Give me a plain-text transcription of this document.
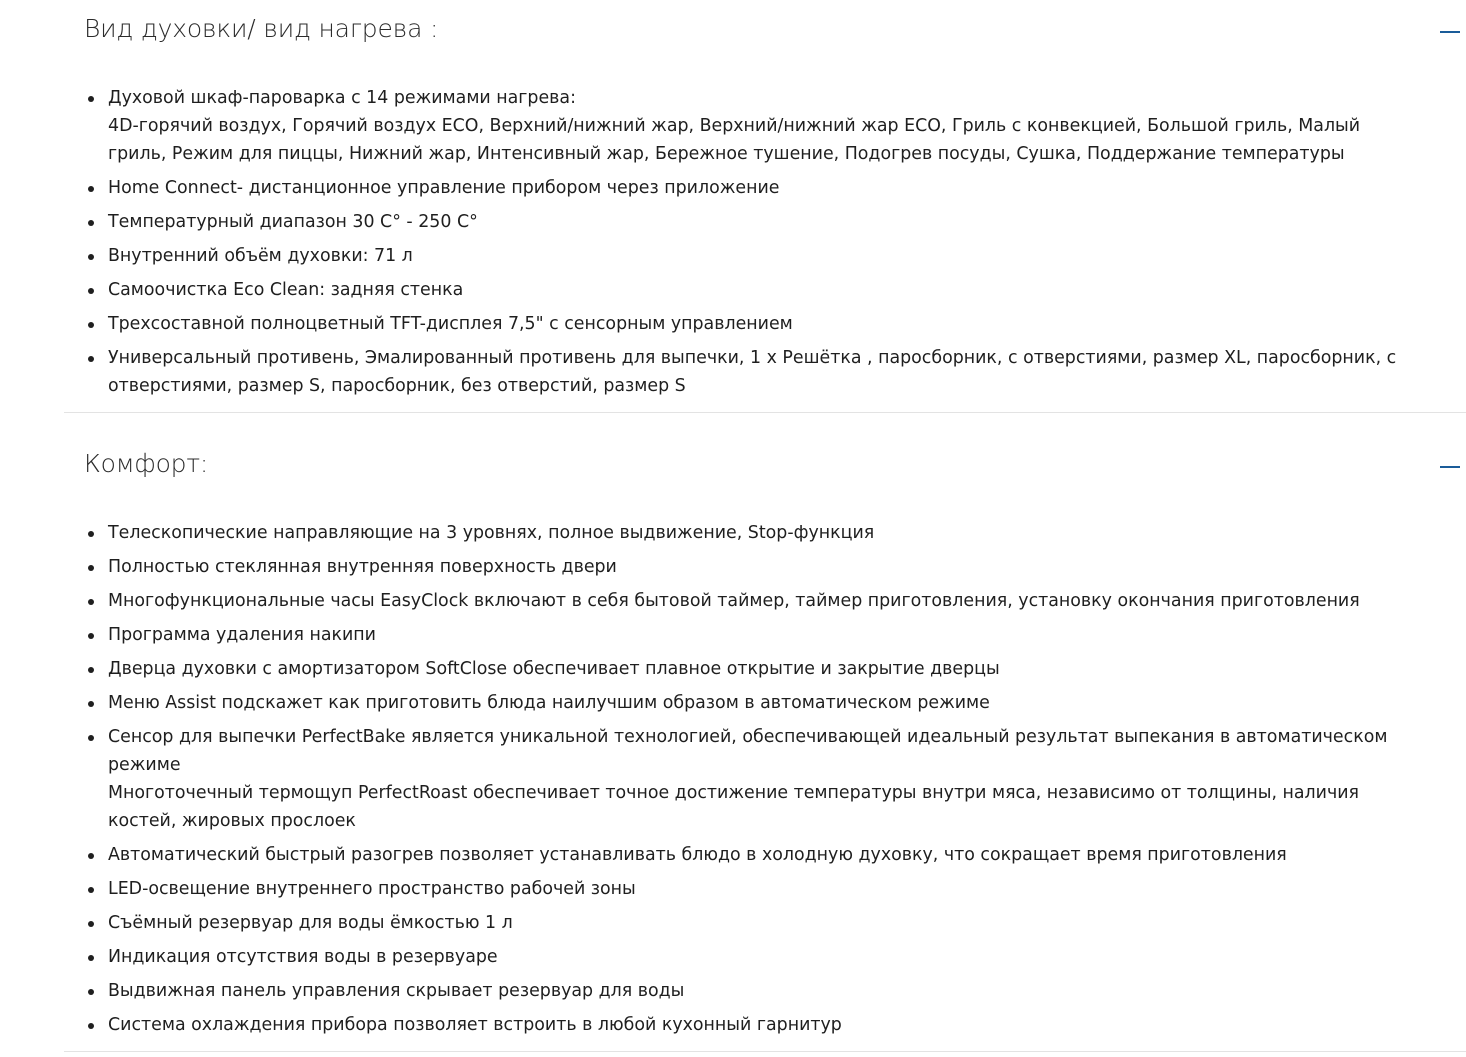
Вид духовки/ вид нагрева :
Духовой шкаф-пароварка с 14 режимами нагрева:
4D-горячий воздух, Горячий воздух ECO, Верхний/нижний жар, Верхний/нижний жар ECO, Гриль с конвекцией, Большой гриль, Малый
гриль, Режим для пиццы, Нижний жар, Интенсивный жар, Бережное тушение, Подогрев посуды, Сушка, Поддержание температуры
Home Connect- дистанционное управление прибором через приложение
Температурный диапазон 30 C° - 250 C°
Внутренний объём духовки: 71 л
Самоочистка Eco Clean: задняя стенка
Трехсоставной полноцветный TFT-дисплея 7,5" с сенсорным управлением
Универсальный противень, Эмалированный противень для выпечки, 1 x Решётка , паросборник, с отверстиями, размер XL, паросборник, с
отверстиями, размер S, паросборник, без отверстий, размер S
Комфорт:
Телескопические направляющие на 3 уровнях, полное выдвижение, Stop-функция
Полностью стеклянная внутренняя поверхность двери
Многофункциональные часы EasyClock включают в себя бытовой таймер, таймер приготовления, установку окончания приготовления
Программа удаления накипи
Дверца духовки с амортизатором SoftClose обеспечивает плавное открытие и закрытие дверцы
Меню Assist подскажет как приготовить блюда наилучшим образом в автоматическом режиме
Сенсор для выпечки PerfectBake является уникальной технологией, обеспечивающей идеальный результат выпекания в автоматическом
режиме
Многоточечный термощуп PerfectRoast обеспечивает точное достижение температуры внутри мяса, независимо от толщины, наличия
костей, жировых прослоек
Автоматический быстрый разогрев позволяет устанавливать блюдо в холодную духовку, что сокращает время приготовления
LED-освещение внутреннего пространство рабочей зоны
Съёмный резервуар для воды ёмкостью 1 л
Индикация отсутствия воды в резервуаре
Выдвижная панель управления скрывает резервуар для воды
Система охлаждения прибора позволяет встроить в любой кухонный гарнитур
